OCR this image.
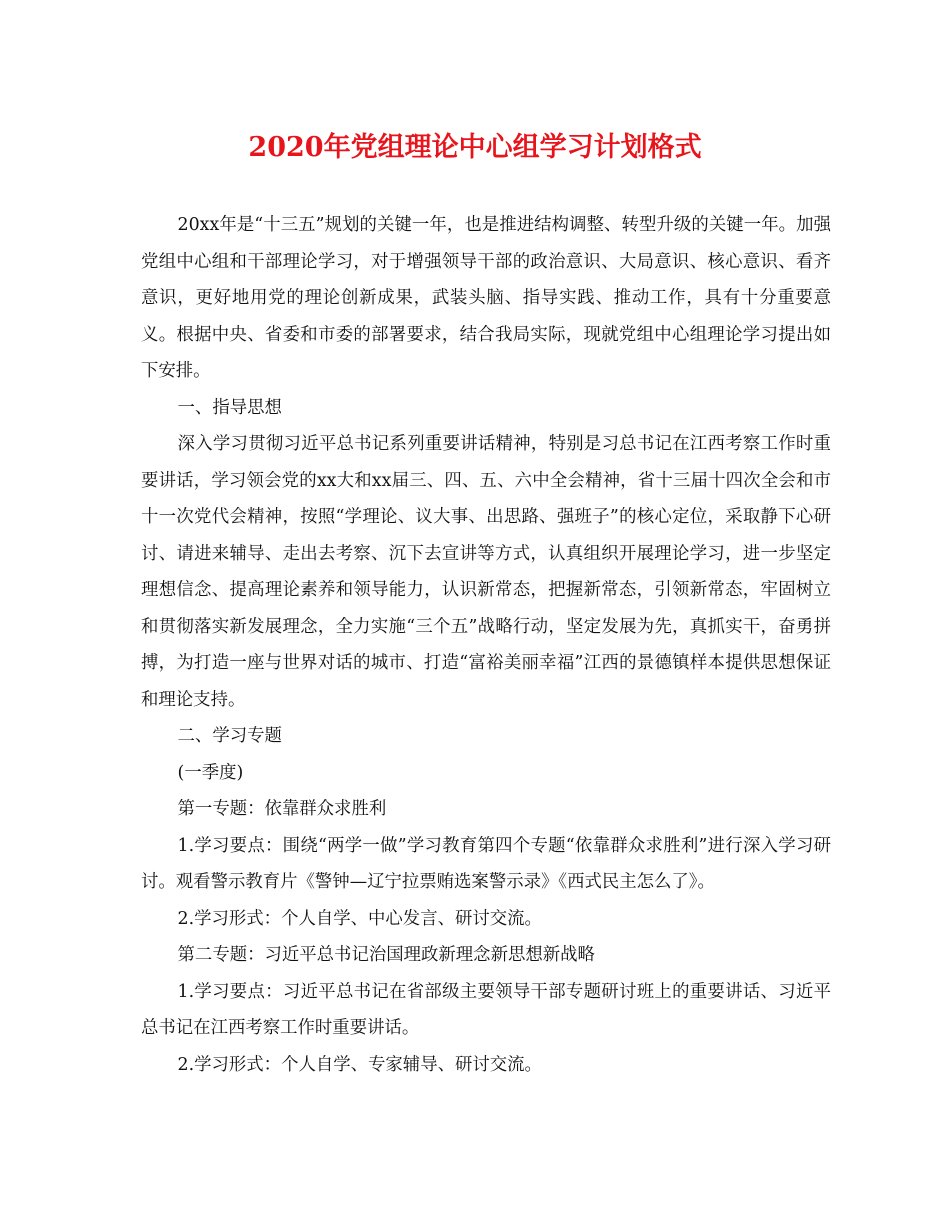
2020年党组理论中心组学习计划格式

20xx年是“十三五”规划的关键一年，也是推进结构调整、转型升级的关键一年。加强党组中心组和干部理论学习，对于增强领导干部的政治意识、大局意识、核心意识、看齐意识，更好地用党的理论创新成果，武装头脑、指导实践、推动工作，具有十分重要意义。根据中央、省委和市委的部署要求，结合我局实际，现就党组中心组理论学习提出如下安排。

一、指导思想

深入学习贯彻习近平总书记系列重要讲话精神，特别是习总书记在江西考察工作时重要讲话，学习领会党的xx大和xx届三、四、五、六中全会精神，省十三届十四次全会和市十一次党代会精神，按照“学理论、议大事、出思路、强班子”的核心定位，采取静下心研讨、请进来辅导、走出去考察、沉下去宣讲等方式，认真组织开展理论学习，进一步坚定理想信念、提高理论素养和领导能力，认识新常态，把握新常态，引领新常态，牢固树立和贯彻落实新发展理念，全力实施“三个五”战略行动，坚定发展为先，真抓实干，奋勇拼搏，为打造一座与世界对话的城市、打造“富裕美丽幸福”江西的景德镇样本提供思想保证和理论支持。

二、学习专题

(一季度)

第一专题：依靠群众求胜利

1.学习要点：围绕“两学一做”学习教育第四个专题“依靠群众求胜利”进行深入学习研讨。观看警示教育片《警钟—辽宁拉票贿选案警示录》《西式民主怎么了》。

2.学习形式：个人自学、中心发言、研讨交流。

第二专题：习近平总书记治国理政新理念新思想新战略

1.学习要点：习近平总书记在省部级主要领导干部专题研讨班上的重要讲话、习近平总书记在江西考察工作时重要讲话。

2.学习形式：个人自学、专家辅导、研讨交流。
